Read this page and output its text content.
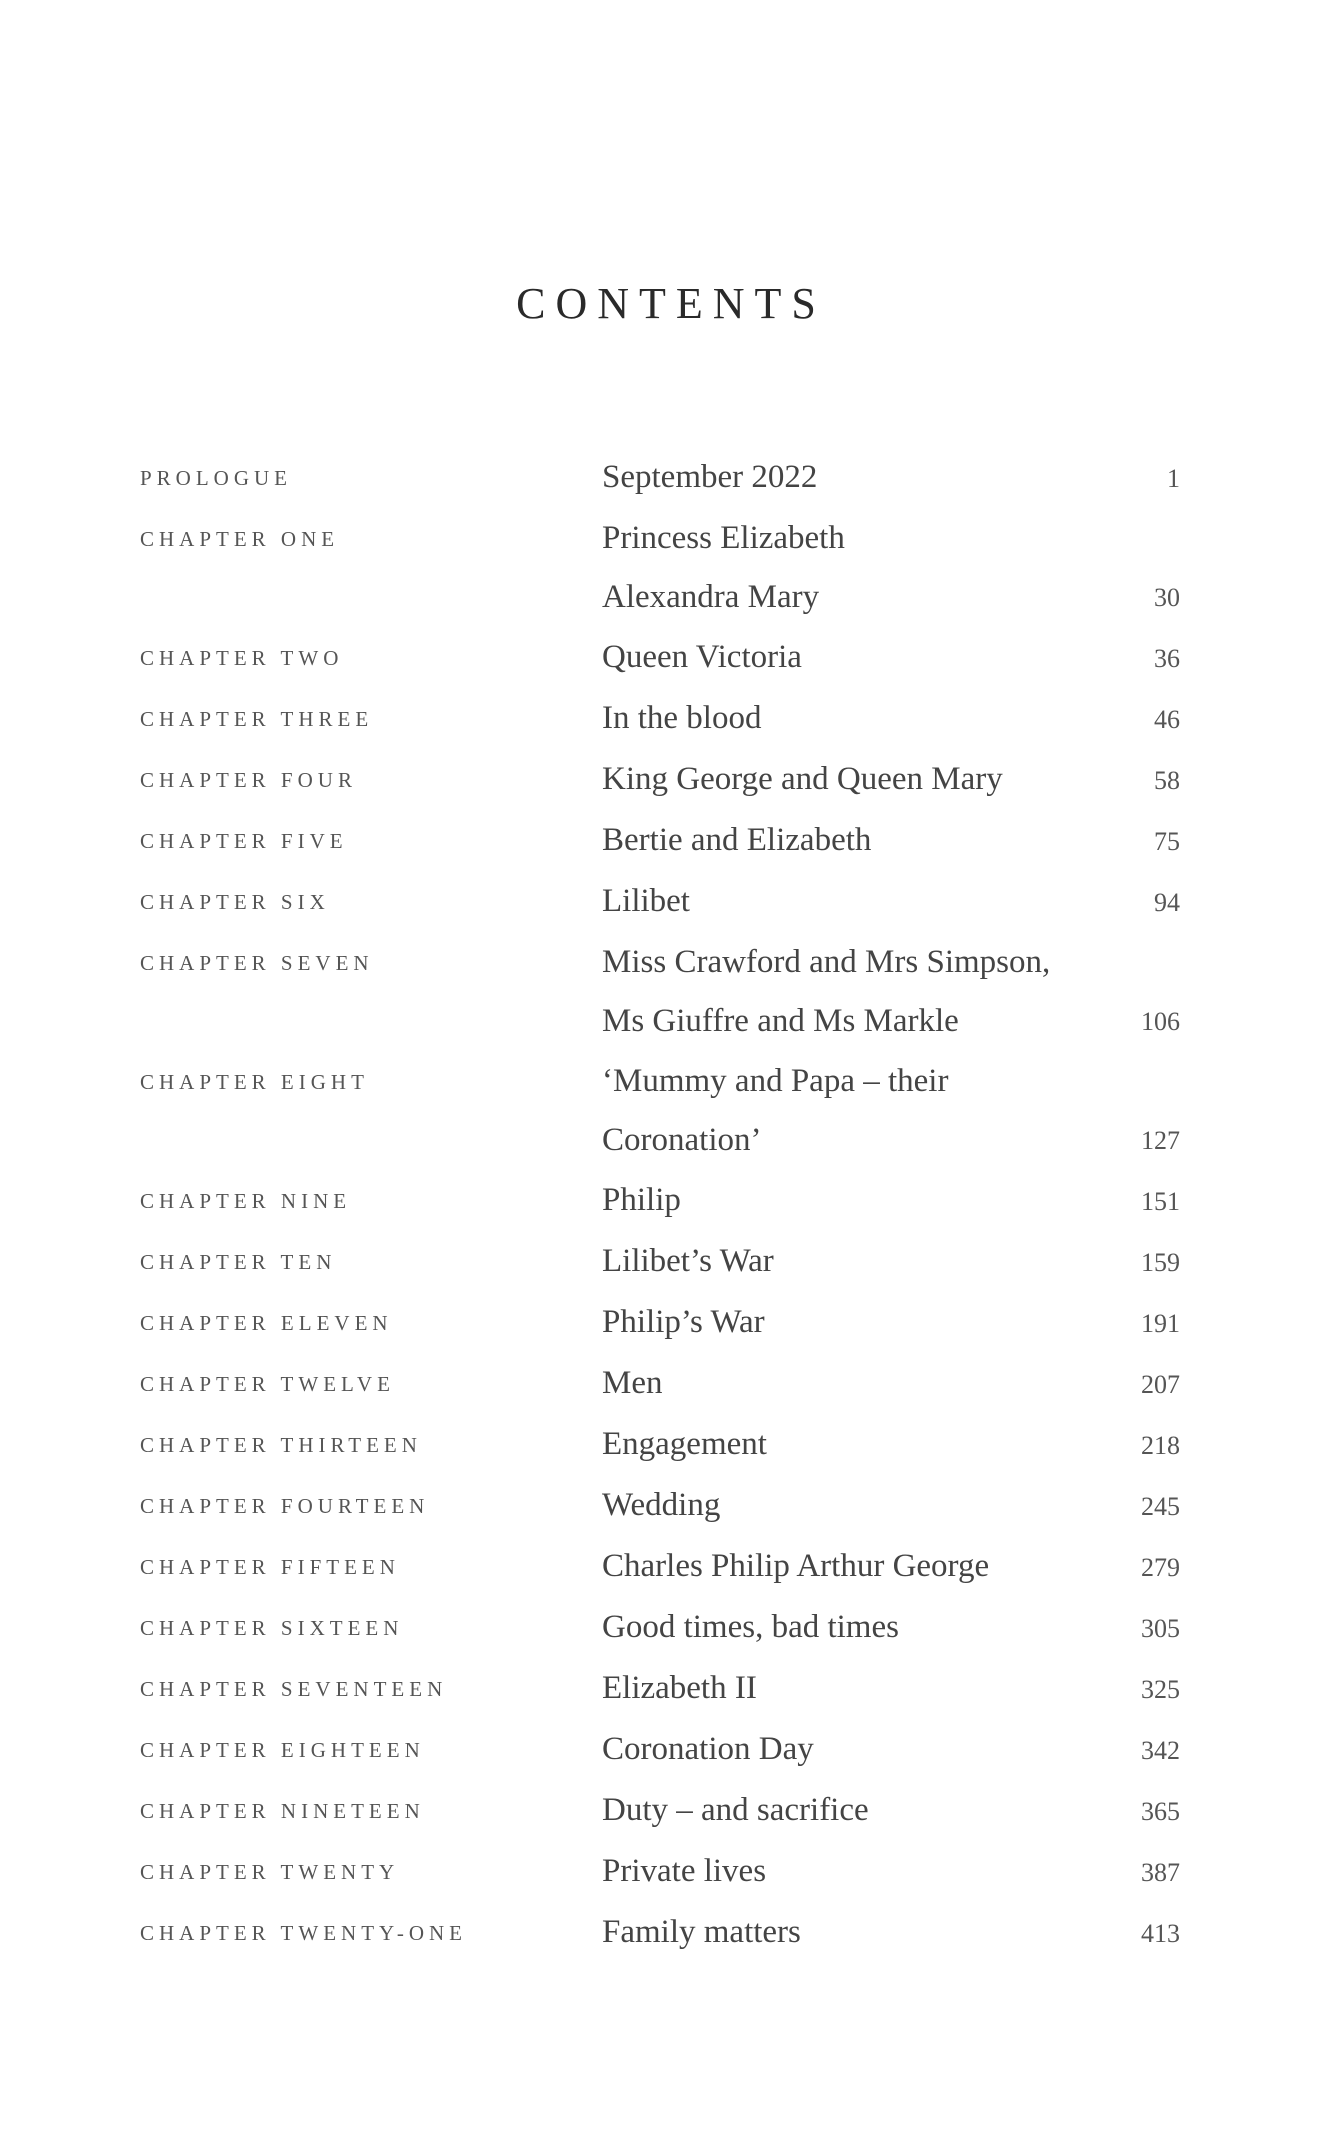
CONTENTS
PROLOGUE	September 2022	1
CHAPTER ONE	Princess Elizabeth
Alexandra Mary	30
CHAPTER TWO	Queen Victoria	36
CHAPTER THREE	In the blood	46
CHAPTER FOUR	King George and Queen Mary	58
CHAPTER FIVE	Bertie and Elizabeth	75
CHAPTER SIX	Lilibet	94
CHAPTER SEVEN	Miss Crawford and Mrs Simpson,
Ms Giuffre and Ms Markle	106
CHAPTER EIGHT	‘Mummy and Papa – their
Coronation’	127
CHAPTER NINE	Philip	151
CHAPTER TEN	Lilibet’s War	159
CHAPTER ELEVEN	Philip’s War	191
CHAPTER TWELVE	Men	207
CHAPTER THIRTEEN	Engagement	218
CHAPTER FOURTEEN	Wedding	245
CHAPTER FIFTEEN	Charles Philip Arthur George	279
CHAPTER SIXTEEN	Good times, bad times	305
CHAPTER SEVENTEEN	Elizabeth II	325
CHAPTER EIGHTEEN	Coronation Day	342
CHAPTER NINETEEN	Duty – and sacrifice	365
CHAPTER TWENTY	Private lives	387
CHAPTER TWENTY-ONE	Family matters	413
